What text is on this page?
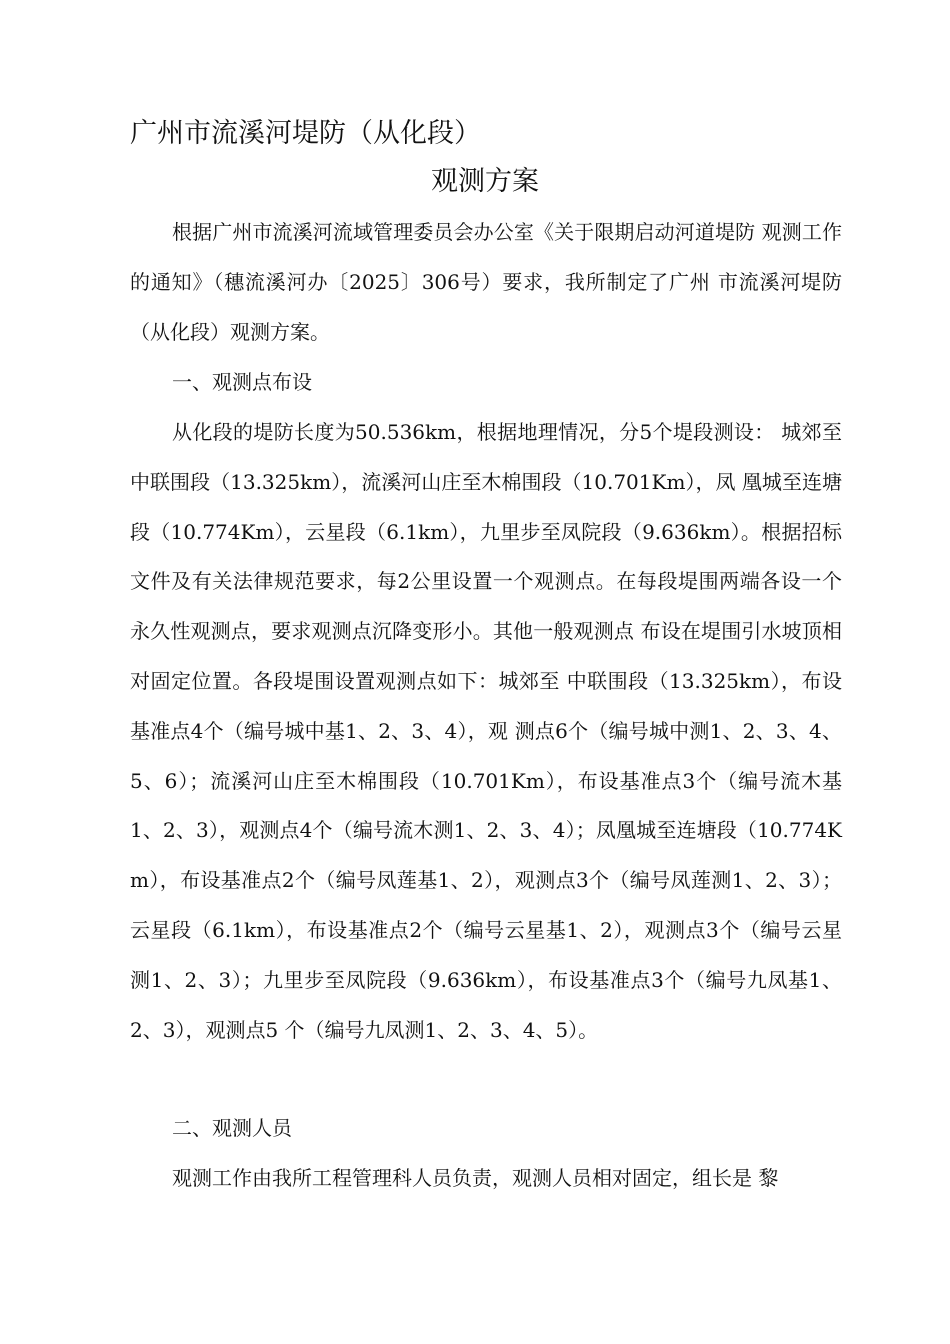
广州市流溪河堤防（从化段）
观测方案
根据广州市流溪河流域管理委员会办公室《关于限期启动河道堤防 观测工作的通知》（穗流溪河办〔2025〕306号）要求，我所制定了广州 市流溪河堤防（从化段）观测方案。
一、观测点布设
从化段的堤防长度为50.536km，根据地理情况，分5个堤段测设： 城郊至中联围段（13.325km），流溪河山庄至木棉围段（10.701Km），凤 凰城至连塘段（10.774Km），云星段（6.1km），九里步至凤院段（9.636km）。根据招标文件及有关法律规范要求，每2公里设置一个观测点。在每段堤围两端各设一个永久性观测点，要求观测点沉降变形小。其他一般观测点 布设在堤围引水坡顶相对固定位置。各段堤围设置观测点如下：城郊至 中联围段（13.325km），布设基准点4个（编号城中基1、2、3、4），观 测点6个（编号城中测1、2、3、4、5、6）；流溪河山庄至木棉围段（10.701Km），布设基准点3个（编号流木基1、2、3），观测点4个（编号流木测1、2、3、4）；凤凰城至连塘段（10.774Km），布设基准点2个（编号凤莲基1、2），观测点3个（编号凤莲测1、2、3）；云星段（6.1km），布设基准点2个（编号云星基1、2），观测点3个（编号云星测1、2、3）；九里步至凤院段（9.636km），布设基准点3个（编号九凤基1、2、3），观测点5 个（编号九凤测1、2、3、4、5）。
二、观测人员
观测工作由我所工程管理科人员负责，观测人员相对固定，组长是 黎
